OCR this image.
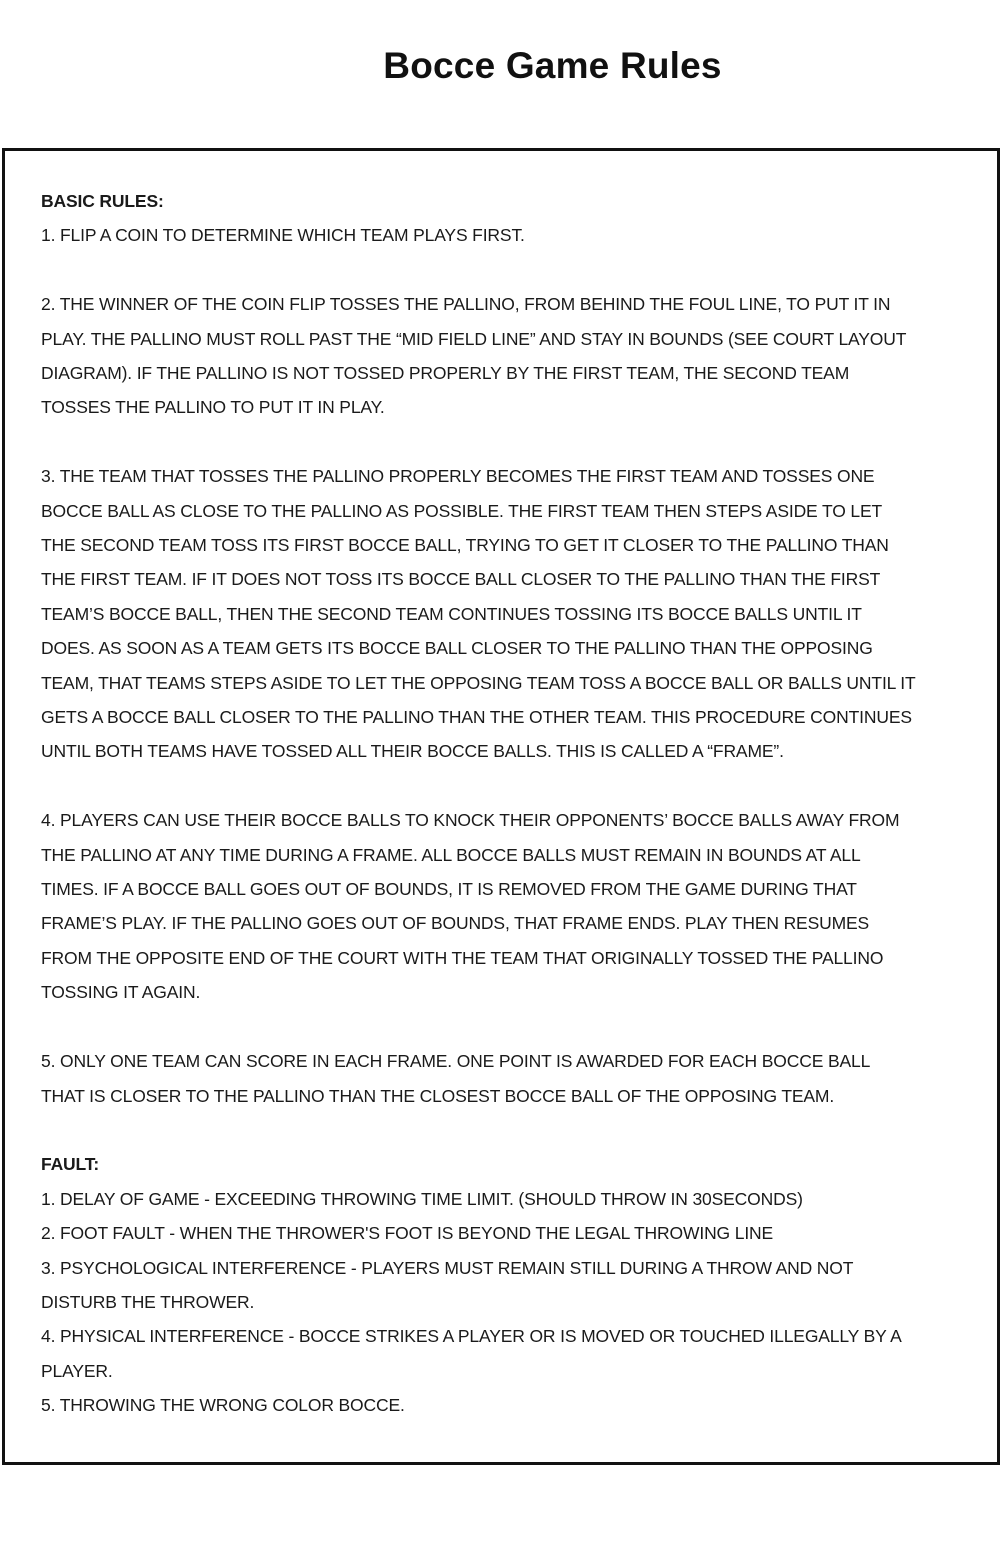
Bocce Game Rules
BASIC RULES:
1. FLIP A COIN TO DETERMINE WHICH TEAM PLAYS FIRST.
2. THE WINNER OF THE COIN FLIP TOSSES THE PALLINO, FROM BEHIND THE FOUL LINE, TO PUT IT IN
PLAY. THE PALLINO MUST ROLL PAST THE “MID FIELD LINE” AND STAY IN BOUNDS (SEE COURT LAYOUT
DIAGRAM). IF THE PALLINO IS NOT TOSSED PROPERLY BY THE FIRST TEAM, THE SECOND TEAM
TOSSES THE PALLINO TO PUT IT IN PLAY.
3. THE TEAM THAT TOSSES THE PALLINO PROPERLY BECOMES THE FIRST TEAM AND TOSSES ONE
BOCCE BALL AS CLOSE TO THE PALLINO AS POSSIBLE. THE FIRST TEAM THEN STEPS ASIDE TO LET
THE SECOND TEAM TOSS ITS FIRST BOCCE BALL, TRYING TO GET IT CLOSER TO THE PALLINO THAN
THE FIRST TEAM. IF IT DOES NOT TOSS ITS BOCCE BALL CLOSER TO THE PALLINO THAN THE FIRST
TEAM’S BOCCE BALL, THEN THE SECOND TEAM CONTINUES TOSSING ITS BOCCE BALLS UNTIL IT
DOES. AS SOON AS A TEAM GETS ITS BOCCE BALL CLOSER TO THE PALLINO THAN THE OPPOSING
TEAM, THAT TEAMS STEPS ASIDE TO LET THE OPPOSING TEAM TOSS A BOCCE BALL OR BALLS UNTIL IT
GETS A BOCCE BALL CLOSER TO THE PALLINO THAN THE OTHER TEAM. THIS PROCEDURE CONTINUES
UNTIL BOTH TEAMS HAVE TOSSED ALL THEIR BOCCE BALLS. THIS IS CALLED A “FRAME”.
4. PLAYERS CAN USE THEIR BOCCE BALLS TO KNOCK THEIR OPPONENTS’ BOCCE BALLS AWAY FROM
THE PALLINO AT ANY TIME DURING A FRAME. ALL BOCCE BALLS MUST REMAIN IN BOUNDS AT ALL
TIMES. IF A BOCCE BALL GOES OUT OF BOUNDS, IT IS REMOVED FROM THE GAME DURING THAT
FRAME’S PLAY. IF THE PALLINO GOES OUT OF BOUNDS, THAT FRAME ENDS. PLAY THEN RESUMES
FROM THE OPPOSITE END OF THE COURT WITH THE TEAM THAT ORIGINALLY TOSSED THE PALLINO
TOSSING IT AGAIN.
5. ONLY ONE TEAM CAN SCORE IN EACH FRAME. ONE POINT IS AWARDED FOR EACH BOCCE BALL
THAT IS CLOSER TO THE PALLINO THAN THE CLOSEST BOCCE BALL OF THE OPPOSING TEAM.
FAULT:
1. DELAY OF GAME - EXCEEDING THROWING TIME LIMIT. (SHOULD THROW IN 30SECONDS)
2. FOOT FAULT - WHEN THE THROWER'S FOOT IS BEYOND THE LEGAL THROWING LINE
3. PSYCHOLOGICAL INTERFERENCE - PLAYERS MUST REMAIN STILL DURING A THROW AND NOT
DISTURB THE THROWER.
4. PHYSICAL INTERFERENCE - BOCCE STRIKES A PLAYER OR IS MOVED OR TOUCHED ILLEGALLY BY A
PLAYER.
5. THROWING THE WRONG COLOR BOCCE.
